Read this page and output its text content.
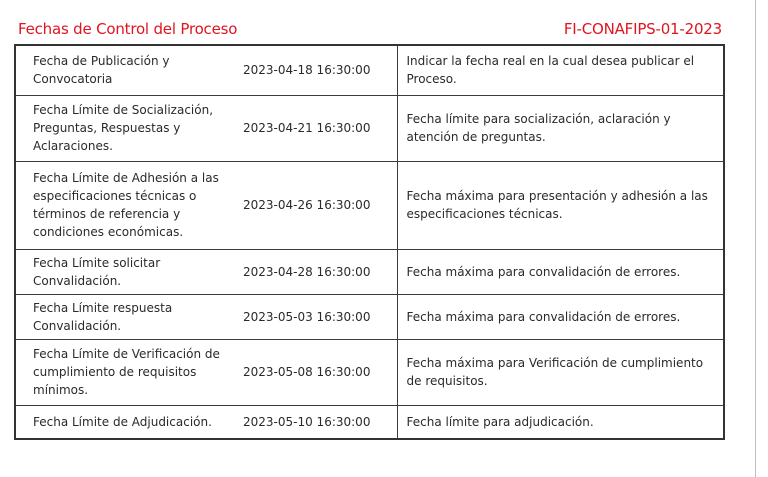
Fechas de Control del Proceso	FI-CONAFIPS-01-2023
Fecha de Publicación y Convocatoria	2023-04-18 16:30:00	Indicar la fecha real en la cual desea publicar el Proceso.
Fecha Límite de Socialización, Preguntas, Respuestas y Aclaraciones.	2023-04-21 16:30:00	Fecha límite para socialización, aclaración y atención de preguntas.
Fecha Límite de Adhesión a las especificaciones técnicas o términos de referencia y condiciones económicas.	2023-04-26 16:30:00	Fecha máxima para presentación y adhesión a las especificaciones técnicas.
Fecha Límite solicitar Convalidación.	2023-04-28 16:30:00	Fecha máxima para convalidación de errores.
Fecha Límite respuesta Convalidación.	2023-05-03 16:30:00	Fecha máxima para convalidación de errores.
Fecha Límite de Verificación de cumplimiento de requisitos mínimos.	2023-05-08 16:30:00	Fecha máxima para Verificación de cumplimiento de requisitos.
Fecha Límite de Adjudicación.	2023-05-10 16:30:00	Fecha límite para adjudicación.
